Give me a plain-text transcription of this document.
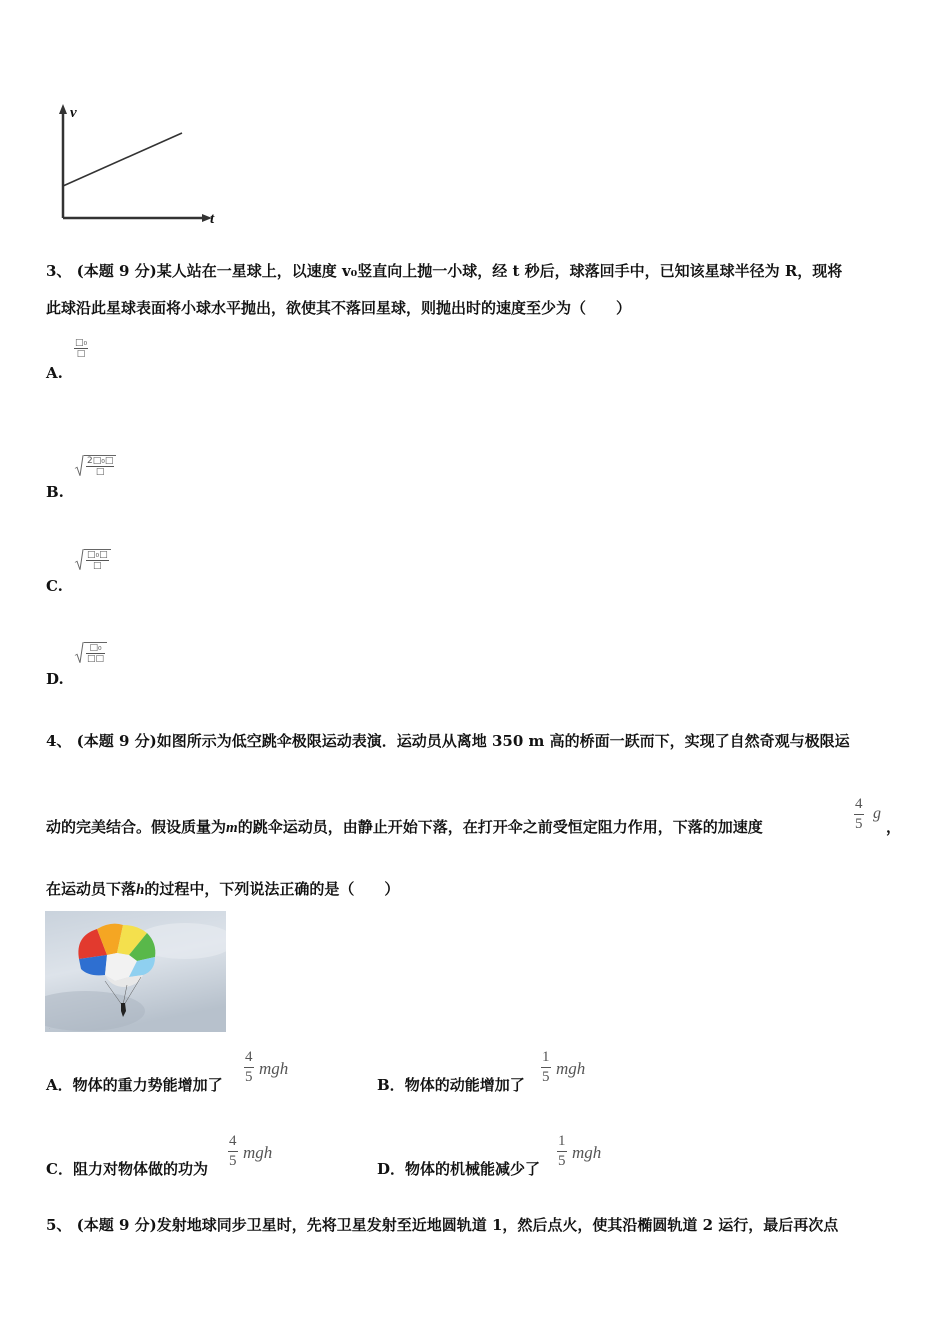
v
t
3、 (本题 9 分)某人站在一星球上，以速度 v₀竖直向上抛一小球，经 t 秒后，球落回手中，已知该星球半径为 R，现将
此球沿此星球表面将小球水平抛出，欲使其不落回星球，则抛出时的速度至少为（　　）
□₀
□
A.
$\frac{\text{2□₀□}}{□}$
B.
$\frac{\text{□₀□}}{□}$
C.
$\frac{\text{□₀}}{□□}$
D.
4、 (本题 9 分)如图所示为低空跳伞极限运动表演．运动员从离地 350 m 高的桥面一跃而下，实现了自然奇观与极限运
动的完美结合。假设质量为m的跳伞运动员，由静止开始下落，在打开伞之前受恒定阻力作用，下落的加速度	$\frac{4}{5}$ g
，
在运动员下落h的过程中，下列说法正确的是（　　）
.
A．物体的重力势能增加了 $\frac{4}{5}$ mgh
B．物体的动能增加了 $\frac{1}{5}$ mgh
C．阻力对物体做的功为 $\frac{4}{5}$ mgh
D．物体的机械能减少了 $\frac{1}{5}$ mgh
5、 (本题 9 分)发射地球同步卫星时，先将卫星发射至近地圆轨道 1，然后点火，使其沿椭圆轨道 2 运行，最后再次点
